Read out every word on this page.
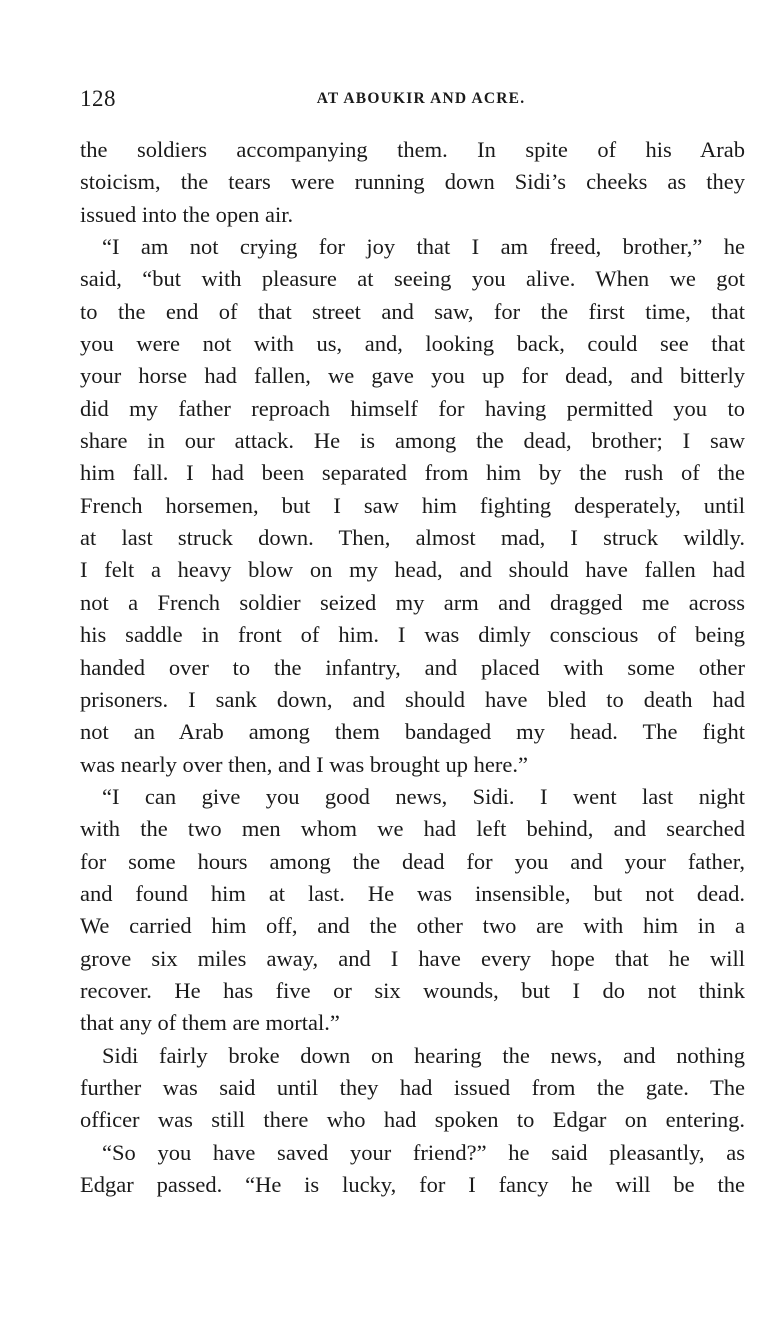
128	AT ABOUKIR AND ACRE.
the soldiers accompanying them. In spite of his Arab
stoicism, the tears were running down Sidi’s cheeks as they
issued into the open air.
“I am not crying for joy that I am freed, brother,” he
said, “but with pleasure at seeing you alive. When we got
to the end of that street and saw, for the first time, that
you were not with us, and, looking back, could see that
your horse had fallen, we gave you up for dead, and bitterly
did my father reproach himself for having permitted you to
share in our attack. He is among the dead, brother; I saw
him fall. I had been separated from him by the rush of the
French horsemen, but I saw him fighting desperately, until
at last struck down. Then, almost mad, I struck wildly.
I felt a heavy blow on my head, and should have fallen had
not a French soldier seized my arm and dragged me across
his saddle in front of him. I was dimly conscious of being
handed over to the infantry, and placed with some other
prisoners. I sank down, and should have bled to death had
not an Arab among them bandaged my head. The fight
was nearly over then, and I was brought up here.”
“I can give you good news, Sidi. I went last night
with the two men whom we had left behind, and searched
for some hours among the dead for you and your father,
and found him at last. He was insensible, but not dead.
We carried him off, and the other two are with him in a
grove six miles away, and I have every hope that he will
recover. He has five or six wounds, but I do not think
that any of them are mortal.”
Sidi fairly broke down on hearing the news, and nothing
further was said until they had issued from the gate. The
officer was still there who had spoken to Edgar on entering.
“So you have saved your friend?” he said pleasantly, as
Edgar passed. “He is lucky, for I fancy he will be the
